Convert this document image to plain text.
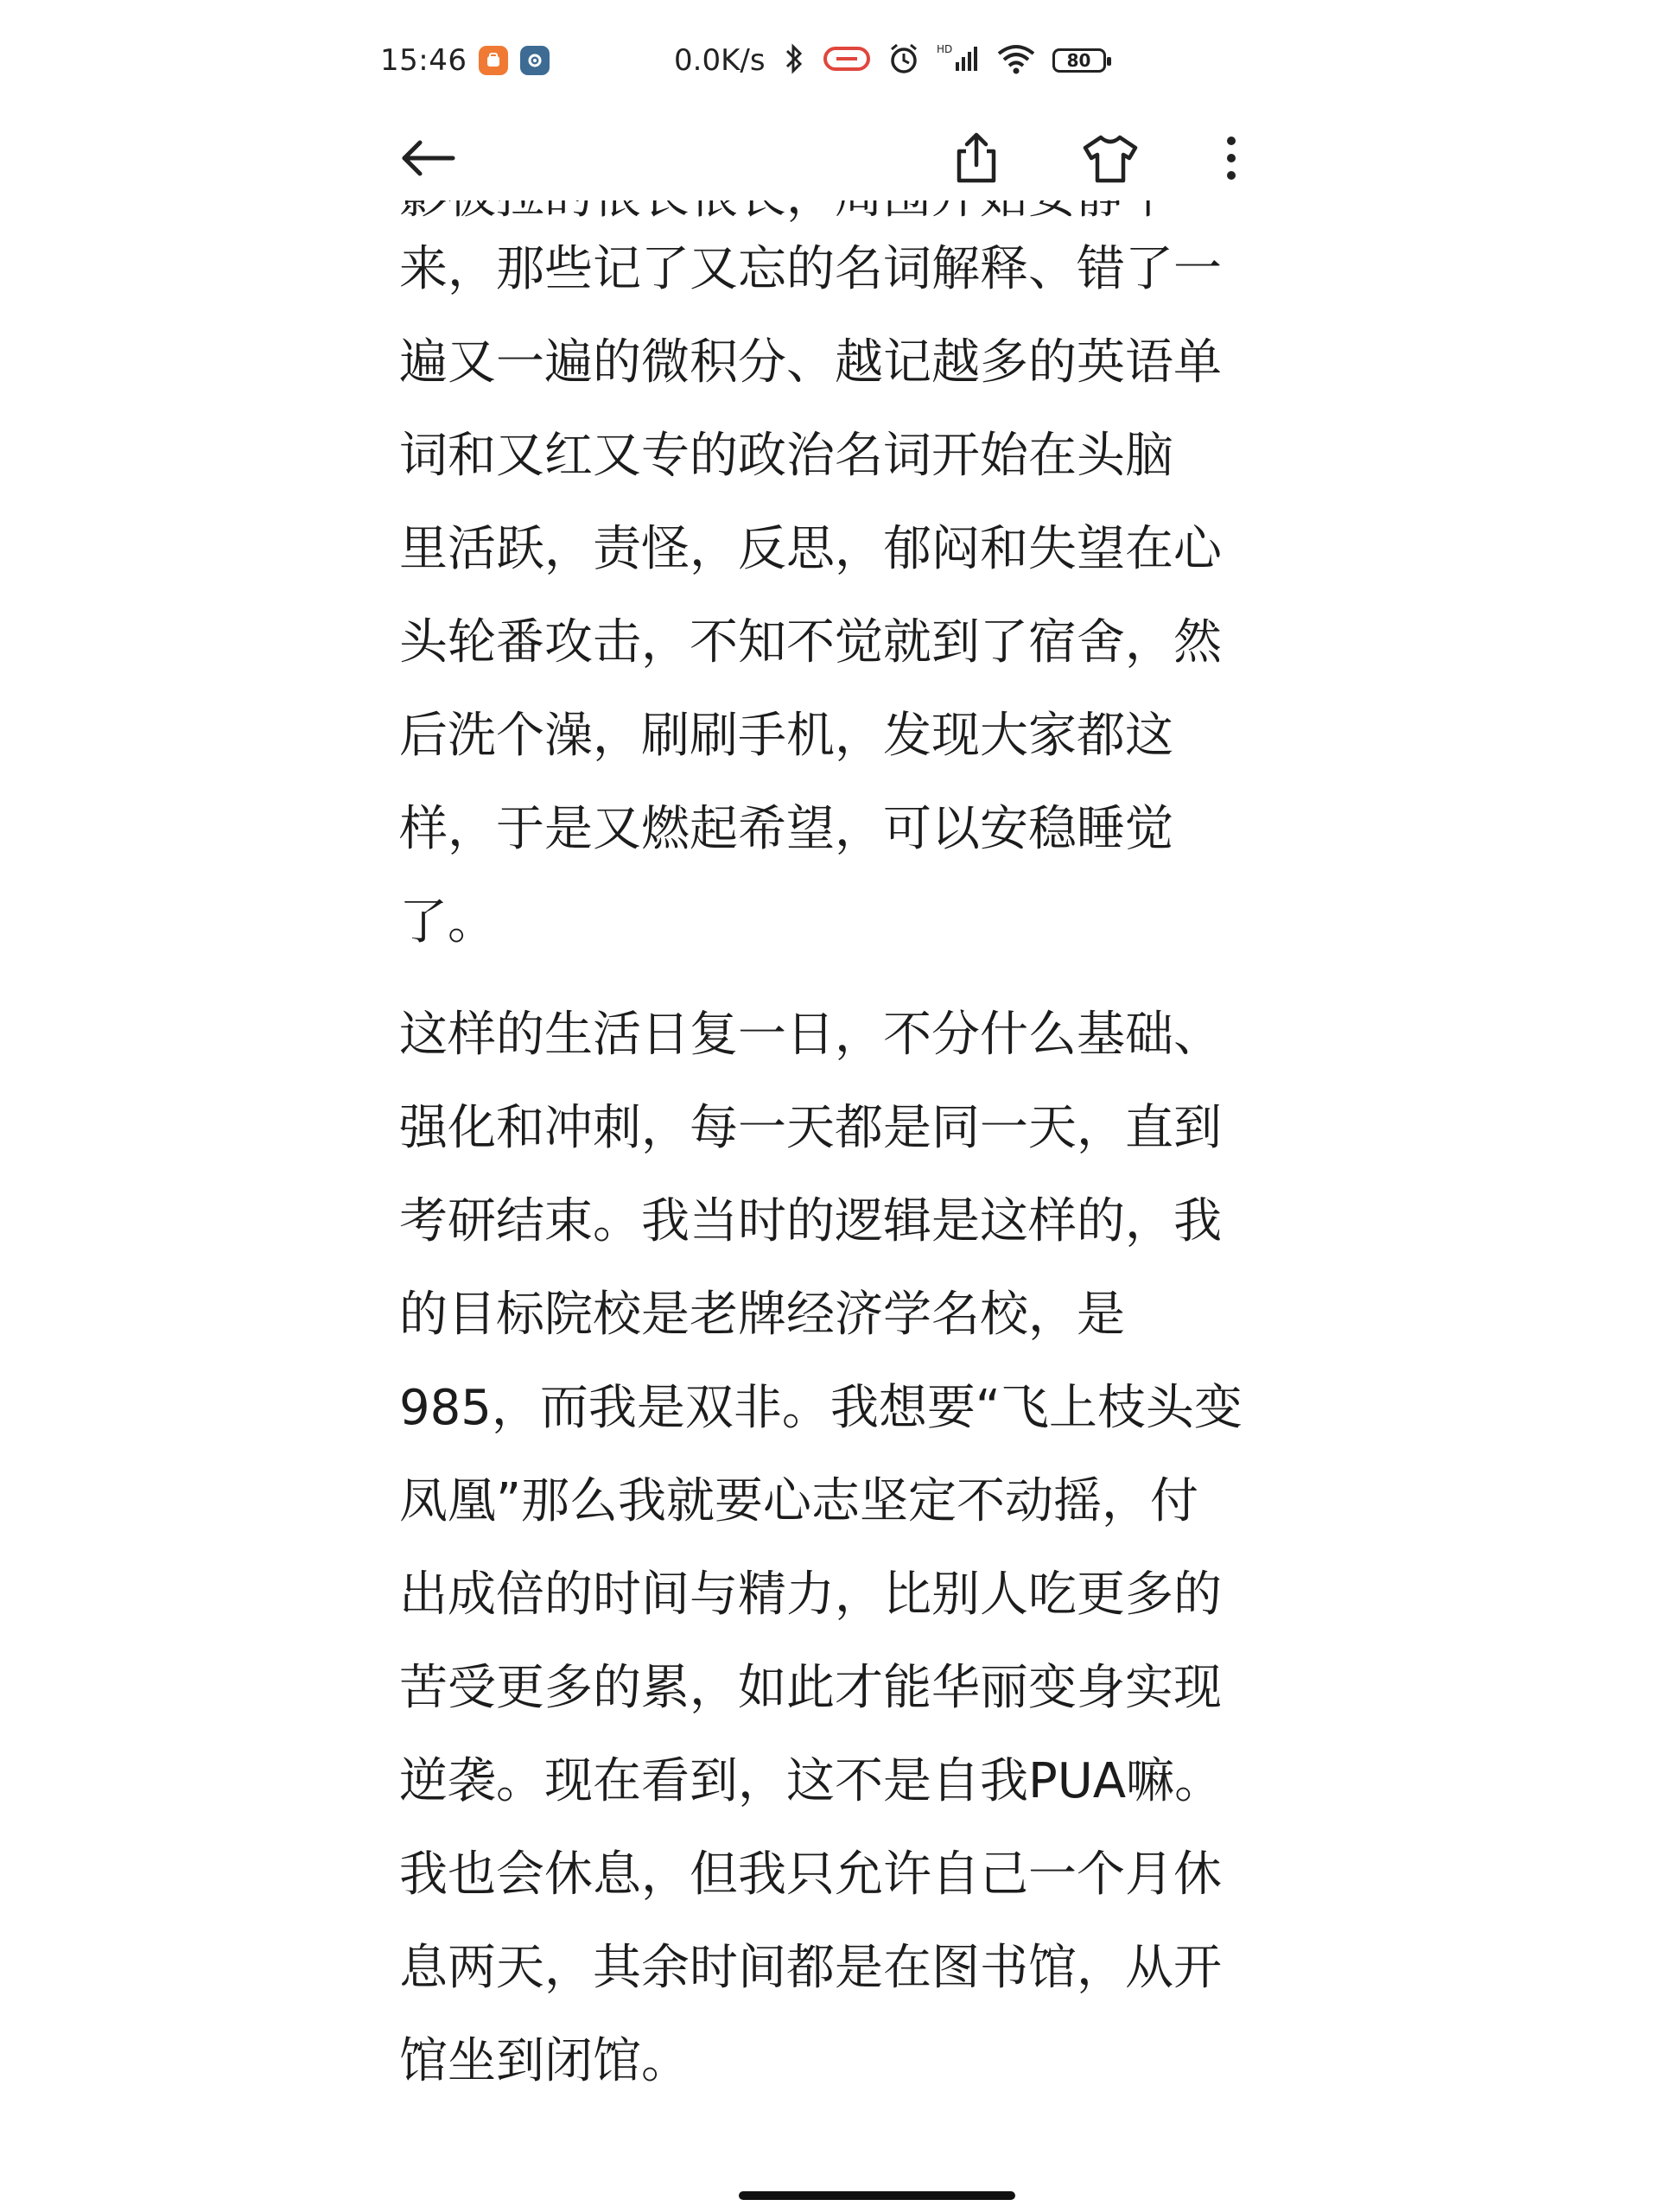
来，那些记了又忘的名词解释、错了一
遍又一遍的微积分、越记越多的英语单
词和又红又专的政治名词开始在头脑
里活跃，责怪，反思，郁闷和失望在心
头轮番攻击，不知不觉就到了宿舍，然
后洗个澡，刷刷手机，发现大家都这
样，于是又燃起希望，可以安稳睡觉
了。

这样的生活日复一日，不分什么基础、
强化和冲刺，每一天都是同一天，直到
考研结束。我当时的逻辑是这样的，我
的目标院校是老牌经济学名校，是
985，而我是双非。我想要“飞上枝头变
凤凰”那么我就要心志坚定不动摇，付
出成倍的时间与精力，比别人吃更多的
苦受更多的累，如此才能华丽变身实现
逆袭。现在看到，这不是自我PUA嘛。
我也会休息，但我只允许自己一个月休
息两天，其余时间都是在图书馆，从开
馆坐到闭馆。

15:46	0.0K/s	HD
80
